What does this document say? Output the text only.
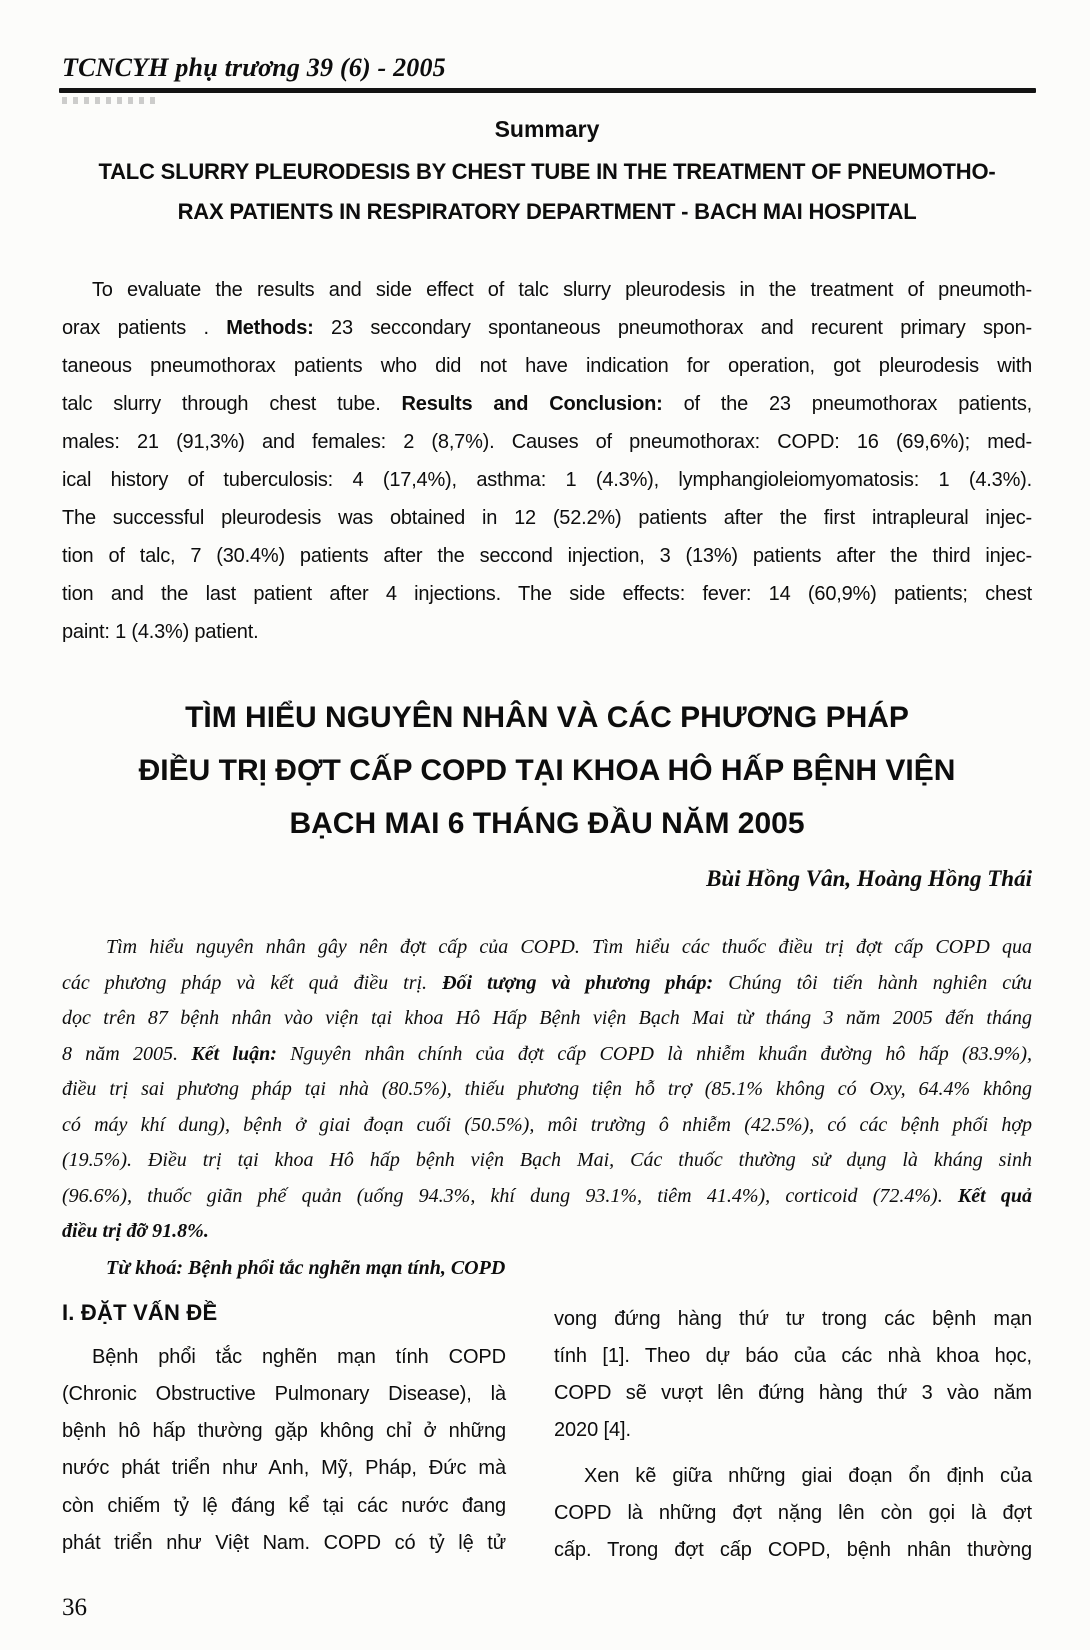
TCNCYH phụ trương 39 (6) - 2005
Summary
TALC SLURRY PLEURODESIS BY CHEST TUBE IN THE TREATMENT OF PNEUMOTHO-
RAX PATIENTS IN RESPIRATORY DEPARTMENT - BACH MAI HOSPITAL
To evaluate the results and side effect of talc slurry pleurodesis in the treatment of pneumoth-
orax patients . Methods: 23 seccondary spontaneous pneumothorax and recurent primary spon-
taneous pneumothorax patients who did not have indication for operation, got pleurodesis with
talc slurry through chest tube. Results and Conclusion: of the 23 pneumothorax patients,
males: 21 (91,3%) and females: 2 (8,7%). Causes of pneumothorax: COPD: 16 (69,6%); med-
ical history of tuberculosis: 4 (17,4%), asthma: 1 (4.3%), lymphangioleiomyomatosis: 1 (4.3%).
The successful pleurodesis was obtained in 12 (52.2%) patients after the first intrapleural injec-
tion of talc, 7 (30.4%) patients after the seccond injection, 3 (13%) patients after the third injec-
tion and the last patient after 4 injections. The side effects: fever: 14 (60,9%) patients; chest
paint: 1 (4.3%) patient.
TÌM HIỂU NGUYÊN NHÂN VÀ CÁC PHƯƠNG PHÁP
ĐIỀU TRỊ ĐỢT CẤP COPD TẠI KHOA HÔ HẤP BỆNH VIỆN
BẠCH MAI 6 THÁNG ĐẦU NĂM 2005
Bùi Hồng Vân, Hoàng Hồng Thái
Tìm hiểu nguyên nhân gây nên đợt cấp của COPD. Tìm hiểu các thuốc điều trị đợt cấp COPD qua
các phương pháp và kết quả điều trị. Đối tượng và phương pháp: Chúng tôi tiến hành nghiên cứu
dọc trên 87 bệnh nhân vào viện tại khoa Hô Hấp Bệnh viện Bạch Mai từ tháng 3 năm 2005 đến tháng
8 năm 2005. Kết luận: Nguyên nhân chính của đợt cấp COPD là nhiễm khuẩn đường hô hấp (83.9%),
điều trị sai phương pháp tại nhà (80.5%), thiếu phương tiện hỗ trợ (85.1% không có Oxy, 64.4% không
có máy khí dung), bệnh ở giai đoạn cuối (50.5%), môi trường ô nhiễm (42.5%), có các bệnh phối hợp
(19.5%). Điều trị tại khoa Hô hấp bệnh viện Bạch Mai, Các thuốc thường sử dụng là kháng sinh
(96.6%), thuốc giãn phế quản (uống 94.3%, khí dung 93.1%, tiêm 41.4%), corticoid (72.4%). Kết quả
điều trị đỡ 91.8%.
Từ khoá: Bệnh phổi tắc nghẽn mạn tính, COPD
I. ĐẶT VẤN ĐỀ
Bệnh phổi tắc nghẽn mạn tính COPD
(Chronic Obstructive Pulmonary Disease), là
bệnh hô hấp thường gặp không chỉ ở những
nước phát triển như Anh, Mỹ, Pháp, Đức mà
còn chiếm tỷ lệ đáng kể tại các nước đang
phát triển như Việt Nam. COPD có tỷ lệ tử
vong đứng hàng thứ tư trong các bệnh mạn
tính [1]. Theo dự báo của các nhà khoa học,
COPD sẽ vượt lên đứng hàng thứ 3 vào năm
2020 [4].
Xen kẽ giữa những giai đoạn ổn định của
COPD là những đợt nặng lên còn gọi là đợt
cấp. Trong đợt cấp COPD, bệnh nhân thường
36
